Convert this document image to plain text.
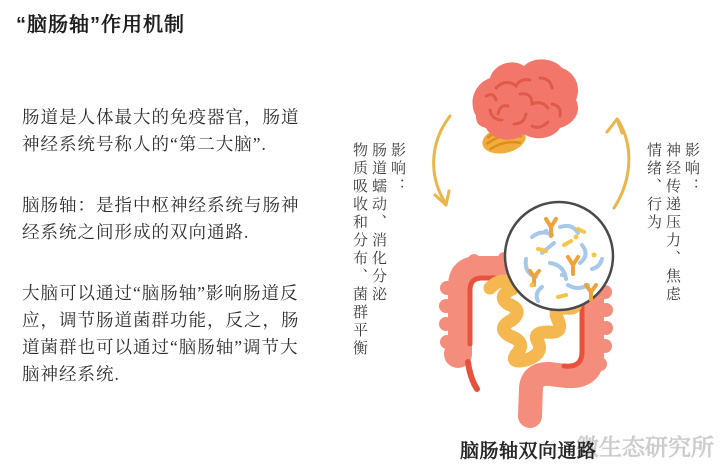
“脑肠轴”作用机制

肠道是人体最大的免疫器官，肠道神经系统号称人的“第二大脑”.

脑肠轴：是指中枢神经系统与肠神经系统之间形成的双向通路.

大脑可以通过“脑肠轴”影响肠道反应，调节肠道菌群功能，反之，肠道菌群也可以通过“脑肠轴”调节大脑神经系统.

影响：
肠道蠕动、消化分泌
物质吸收和分布、菌群平衡	影响：
神经传递压力、焦虑
情绪、行为
微生态研究所
脑肠轴双向通路
